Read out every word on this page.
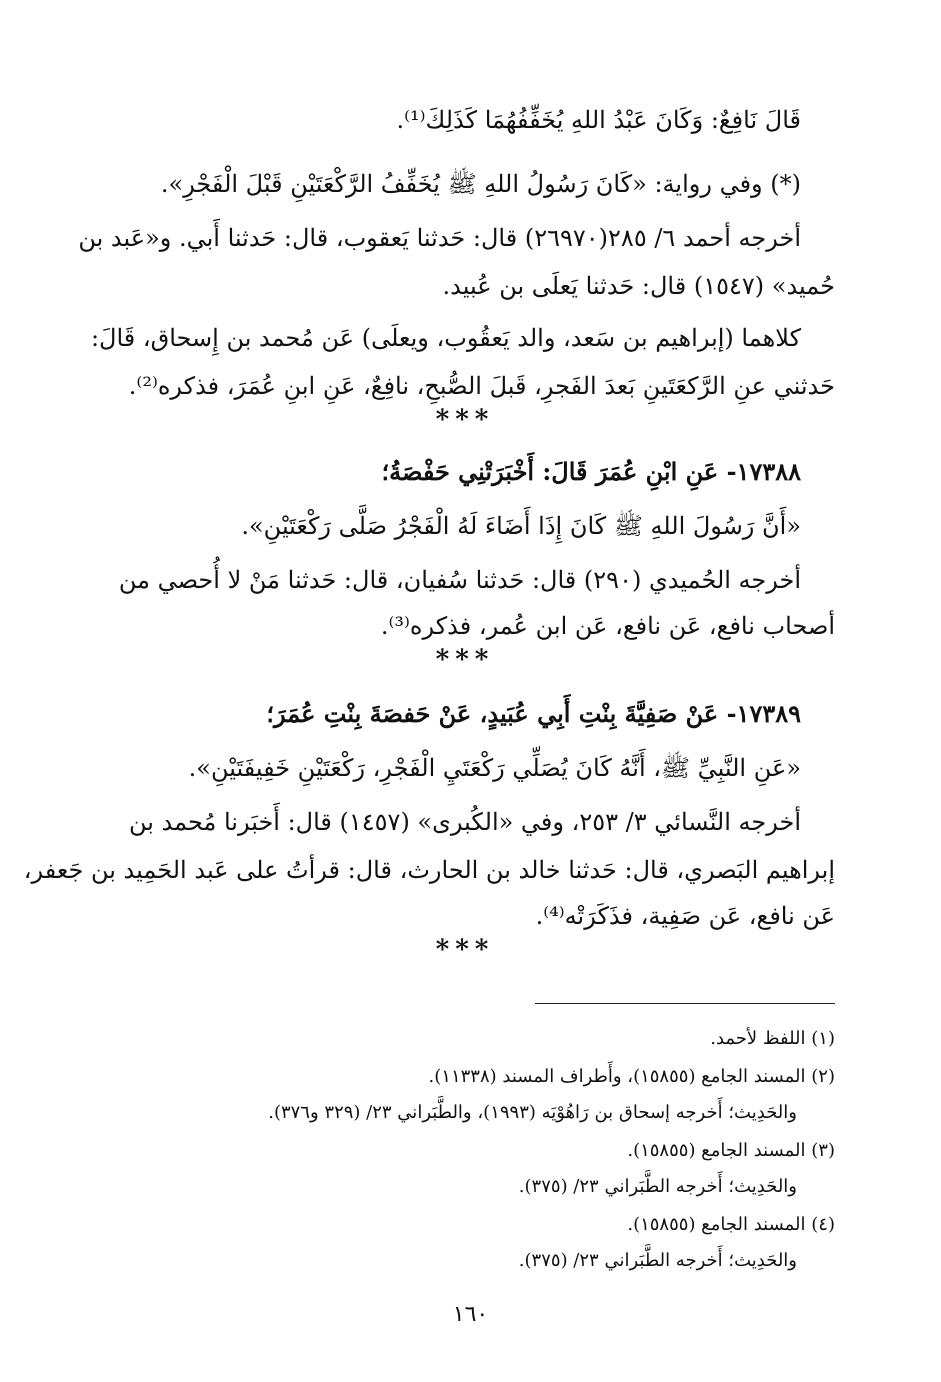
قَالَ نَافِعٌ: وَكَانَ عَبْدُ اللهِ يُخَفِّفُهُمَا كَذَلِكَ⁽¹⁾.
(*) وفي رواية: «كَانَ رَسُولُ اللهِ ﷺ يُخَفِّفُ الرَّكْعَتَيْنِ قَبْلَ الْفَجْرِ».
أخرجه أحمد ٦/ ٢٨٥(٢٦٩٧٠) قال: حَدثنا يَعقوب، قال: حَدثنا أَبي. و«عَبد بن
حُميد» (١٥٤٧) قال: حَدثنا يَعلَى بن عُبيد.
كلاهما (إبراهيم بن سَعد، والد يَعقُوب، ويعلَى) عَن مُحمد بن إِسحاق، قَالَ:
حَدثني عنِ الرَّكعَتَينِ بَعدَ الفَجرِ، قَبلَ الصُّبحِ، نافِعٌ، عَنِ ابنِ عُمَرَ، فذكره⁽²⁾.
***
١٧٣٨٨- عَنِ ابْنِ عُمَرَ قَالَ: أَخْبَرَتْنِي حَفْصَةُ؛
«أَنَّ رَسُولَ اللهِ ﷺ كَانَ إِذَا أَضَاءَ لَهُ الْفَجْرُ صَلَّى رَكْعَتَيْنِ».
أخرجه الحُميدي (٢٩٠) قال: حَدثنا سُفيان، قال: حَدثنا مَنْ لا أُحصي من
أصحاب نافع، عَن نافع، عَن ابن عُمر، فذكره⁽³⁾.
***
١٧٣٨٩- عَنْ صَفِيَّةَ بِنْتِ أَبِي عُبَيدٍ، عَنْ حَفصَةَ بِنْتِ عُمَرَ؛
«عَنِ النَّبِيِّ ﷺ، أَنَّهُ كَانَ يُصَلِّي رَكْعَتَيِ الْفَجْرِ، رَكْعَتَيْنِ خَفِيفَتَيْنِ».
أخرجه النَّسائي ٣/ ٢٥٣، وفي «الكُبرى» (١٤٥٧) قال: أَخبَرنا مُحمد بن
إبراهيم البَصري، قال: حَدثنا خالد بن الحارث، قال: قرأتُ على عَبد الحَمِيد بن جَعفر،
عَن نافع، عَن صَفِية، فذَكَرَتْه⁽⁴⁾.
***
(١) اللفظ لأحمد.
(٢) المسند الجامع (١٥٨٥٥)، وأَطراف المسند (١١٣٣٨).
والحَدِيث؛ أَخرجه إسحاق بن رَاهُوْيَه (١٩٩٣)، والطَّبَراني ٢٣/ (٣٢٩ و٣٧٦).
(٣) المسند الجامع (١٥٨٥٥).
والحَدِيث؛ أَخرجه الطَّبَراني ٢٣/ (٣٧٥).
(٤) المسند الجامع (١٥٨٥٥).
والحَدِيث؛ أَخرجه الطَّبَراني ٢٣/ (٣٧٥).
١٦٠
